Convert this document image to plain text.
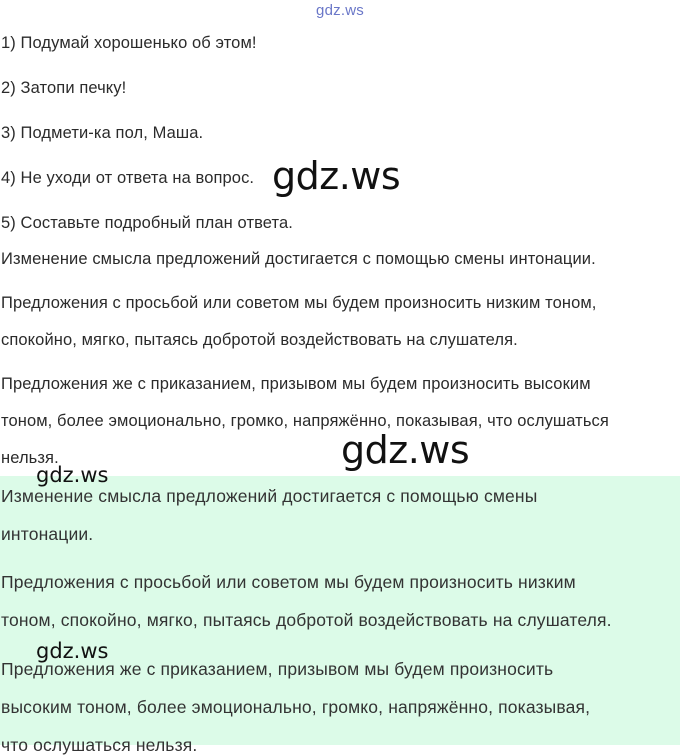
gdz.ws
1) Подумай хорошенько об этом!
2) Затопи печку!
3) Подмети-ка пол, Маша.
4) Не уходи от ответа на вопрос.
5) Составьте подробный план ответа.
Изменение смысла предложений достигается с помощью смены интонации.
Предложения с просьбой или советом мы будем произносить низким тоном,
спокойно, мягко, пытаясь добротой воздействовать на слушателя.
Предложения же с приказанием, призывом мы будем произносить высоким
тоном, более эмоционально, громко, напряжённо, показывая, что ослушаться
нельзя.
Изменение смысла предложений достигается с помощью смены
интонации.
Предложения с просьбой или советом мы будем произносить низким
тоном, спокойно, мягко, пытаясь добротой воздействовать на слушателя.
Предложения же с приказанием, призывом мы будем произносить
высоким тоном, более эмоционально, громко, напряжённо, показывая,
что ослушаться нельзя.
gdz.ws
gdz.ws
gdz.ws
gdz.ws
